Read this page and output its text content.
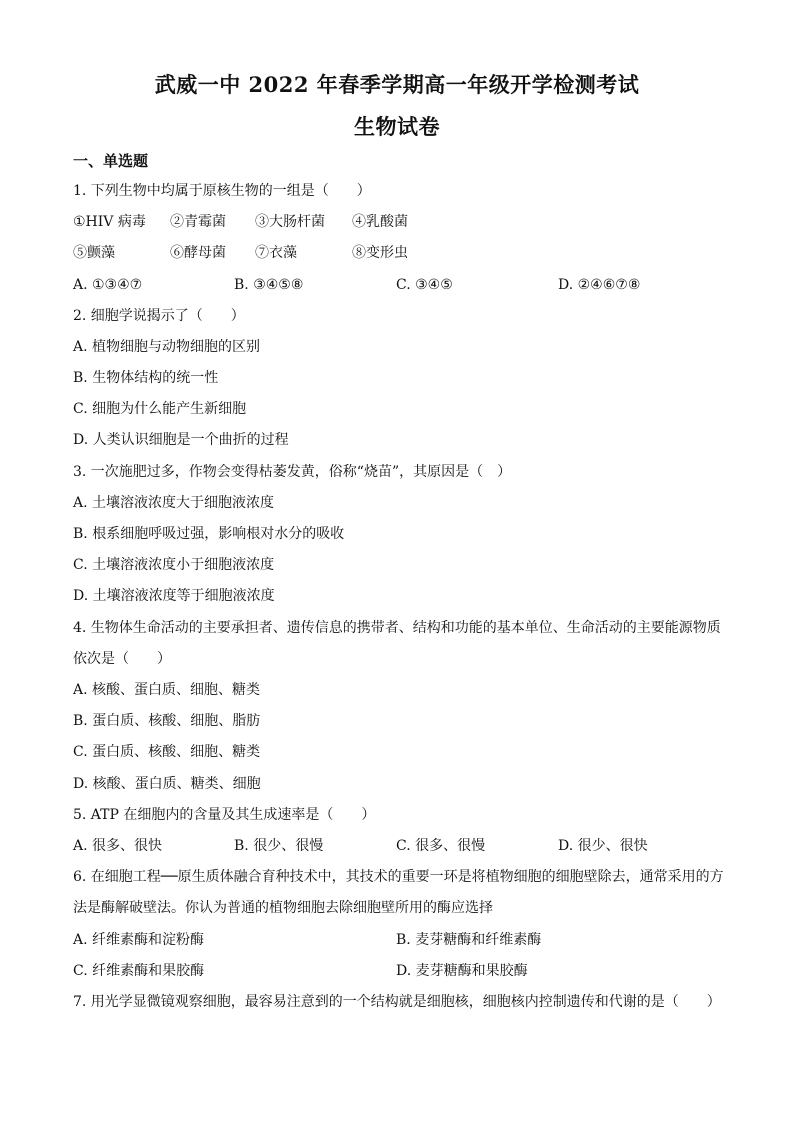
武威一中 2022 年春季学期高一年级开学检测考试
生物试卷
一、单选题
1. 下列生物中均属于原核生物的一组是（　　）
①HIV 病毒 ②青霉菌 ③大肠杆菌 ④乳酸菌
⑤颤藻	⑥酵母菌 ⑦衣藻	⑧变形虫
A. ①③④⑦	B. ③④⑤⑧	C. ③④⑤	D. ②④⑥⑦⑧
2. 细胞学说揭示了（　　）
A. 植物细胞与动物细胞的区别
B. 生物体结构的统一性
C. 细胞为什么能产生新细胞
D. 人类认识细胞是一个曲折的过程
3. 一次施肥过多，作物会变得枯萎发黄，俗称“烧苗”，其原因是（　）
A. 土壤溶液浓度大于细胞液浓度
B. 根系细胞呼吸过强，影响根对水分的吸收
C. 土壤溶液浓度小于细胞液浓度
D. 土壤溶液浓度等于细胞液浓度
4. 生物体生命活动的主要承担者、遗传信息的携带者、结构和功能的基本单位、生命活动的主要能源物质
依次是（　　）
A. 核酸、蛋白质、细胞、糖类
B. 蛋白质、核酸、细胞、脂肪
C. 蛋白质、核酸、细胞、糖类
D. 核酸、蛋白质、糖类、细胞
5. ATP 在细胞内的含量及其生成速率是（　　）
A. 很多、很快	B. 很少、很慢	C. 很多、很慢	D. 很少、很快
6. 在细胞工程──原生质体融合育种技术中，其技术的重要一环是将植物细胞的细胞壁除去，通常采用的方
法是酶解破壁法。你认为普通的植物细胞去除细胞壁所用的酶应选择
A. 纤维素酶和淀粉酶	B. 麦芽糖酶和纤维素酶
C. 纤维素酶和果胶酶	D. 麦芽糖酶和果胶酶
7. 用光学显微镜观察细胞，最容易注意到的一个结构就是细胞核，细胞核内控制遗传和代谢的是（　　）
